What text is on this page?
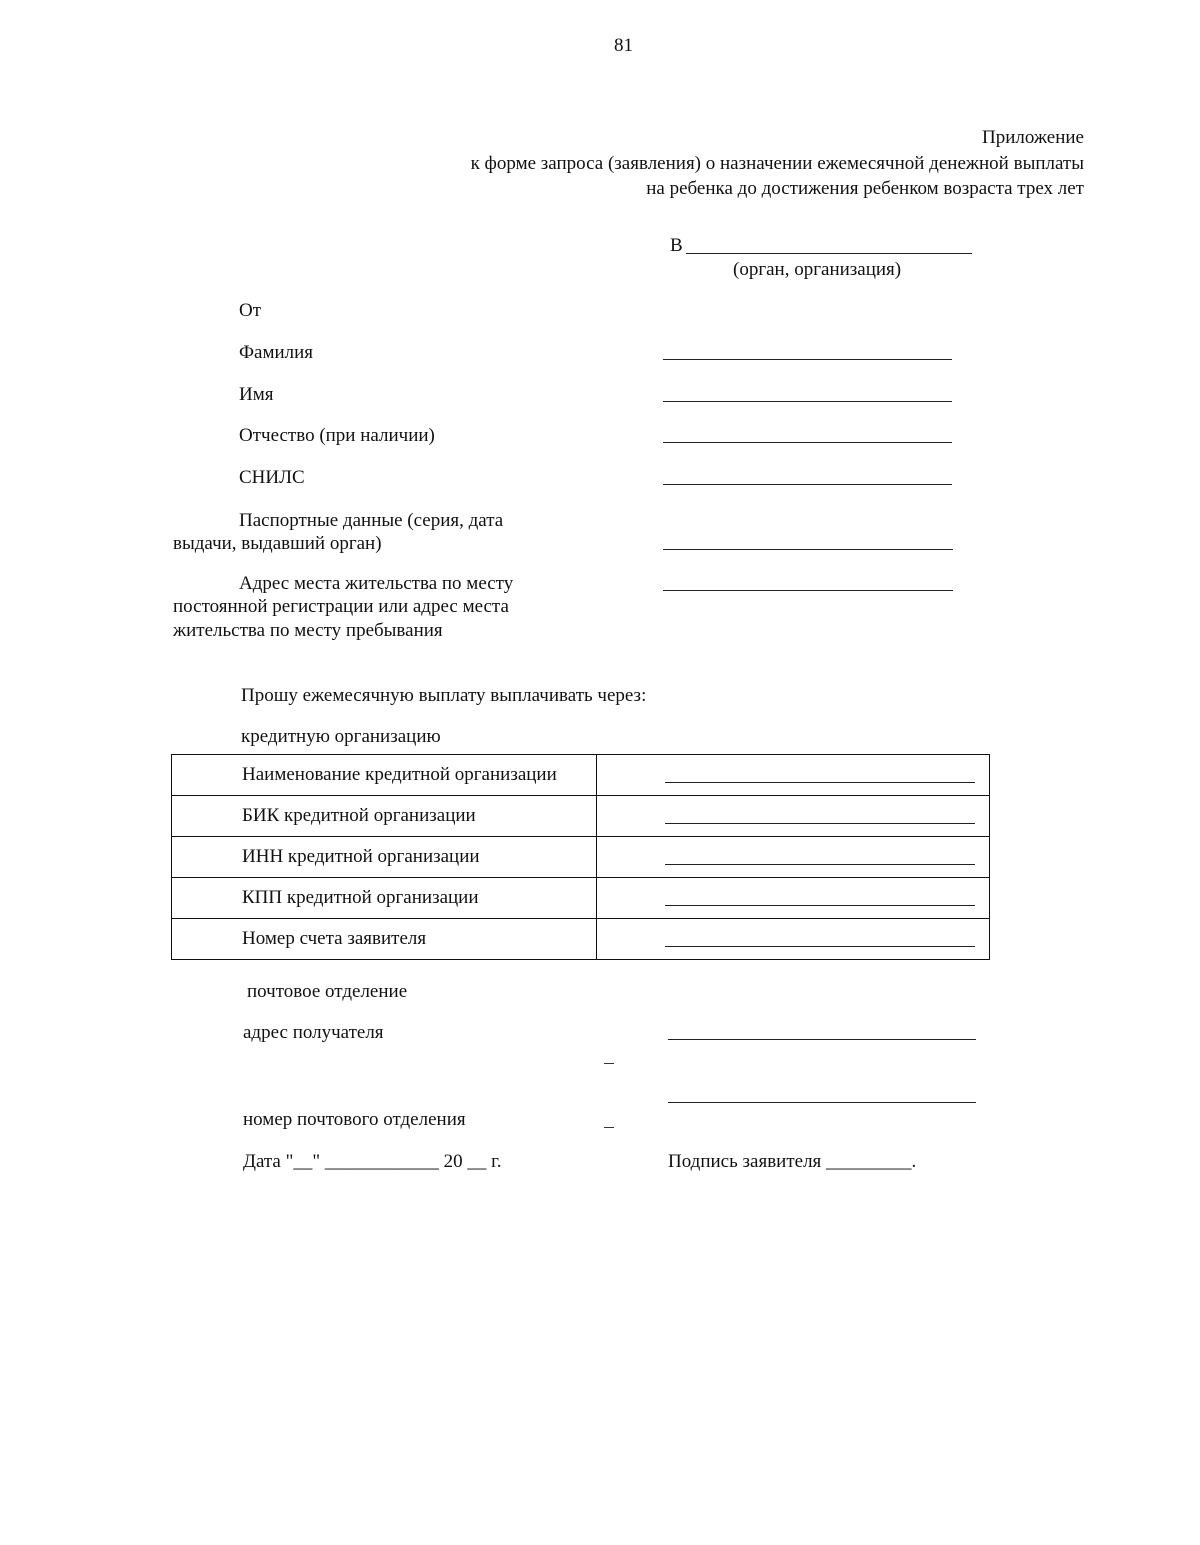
81
Приложение
к форме запроса (заявления) о назначении ежемесячной денежной выплаты
на ребенка до достижения ребенком возраста трех лет
В
(орган, организация)
От
Фамилия
Имя
Отчество (при наличии)
СНИЛС
Паспортные данные (серия, дата
выдачи, выдавший орган)
Адрес места жительства по месту
постоянной регистрации или адрес места
жительства по месту пребывания
Прошу ежемесячную выплату выплачивать через:
кредитную организацию
Наименование кредитной организации	

БИК кредитной организации	

ИНН кредитной организации	

КПП кредитной организации	

Номер счета заявителя	
почтовое отделение
адрес получателя
номер почтового отделения
Дата "__" ____________ 20 __ г.	Подпись заявителя _________.
